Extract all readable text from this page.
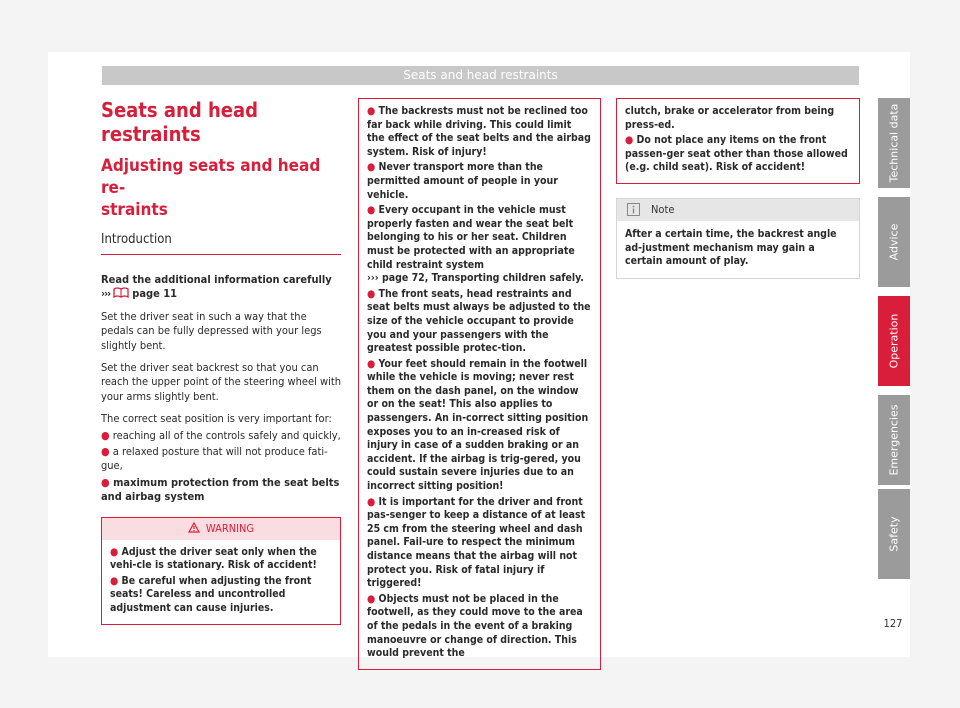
Seats and head restraints
Seats and head restraints
Adjusting seats and head re-
straints
Introduction

Read the additional information carefully
››› page 11

Set the driver seat in such a way that the pedals can be fully depressed with your legs slightly bent.

Set the driver seat backrest so that you can reach the upper point of the steering wheel with your arms slightly bent.

The correct seat position is very important for:

● reaching all of the controls safely and quickly,

● a relaxed posture that will not produce fati-gue,

● maximum protection from the seat belts and airbag system

WARNING

● Adjust the driver seat only when the vehi-cle is stationary. Risk of accident!

● Be careful when adjusting the front seats! Careless and uncontrolled adjustment can cause injuries.

● The backrests must not be reclined too far back while driving. This could limit the effect of the seat belts and the airbag system. Risk of injury!

● Never transport more than the permitted amount of people in your vehicle.

● Every occupant in the vehicle must properly fasten and wear the seat belt belonging to his or her seat. Children must be protected with an appropriate child restraint system
››› page 72, Transporting children safely.

● The front seats, head restraints and seat belts must always be adjusted to the size of the vehicle occupant to provide you and your passengers with the greatest possible protec-tion.

● Your feet should remain in the footwell while the vehicle is moving; never rest them on the dash panel, on the window or on the seat! This also applies to passengers. An in-correct sitting position exposes you to an in-creased risk of injury in case of a sudden braking or an accident. If the airbag is trig-gered, you could sustain severe injuries due to an incorrect sitting position!

● It is important for the driver and front pas-senger to keep a distance of at least 25 cm from the steering wheel and dash panel. Fail-ure to respect the minimum distance means that the airbag will not protect you. Risk of fatal injury if triggered!

● Objects must not be placed in the footwell, as they could move to the area of the pedals in the event of a braking manoeuvre or change of direction. This would prevent the

clutch, brake or accelerator from being press-ed.

● Do not place any items on the front passen-ger seat other than those allowed (e.g. child seat). Risk of accident!

Note

After a certain time, the backrest angle ad-justment mechanism may gain a certain amount of play.

Technical data
Advice
Operation
Emergencies
Safety
127
